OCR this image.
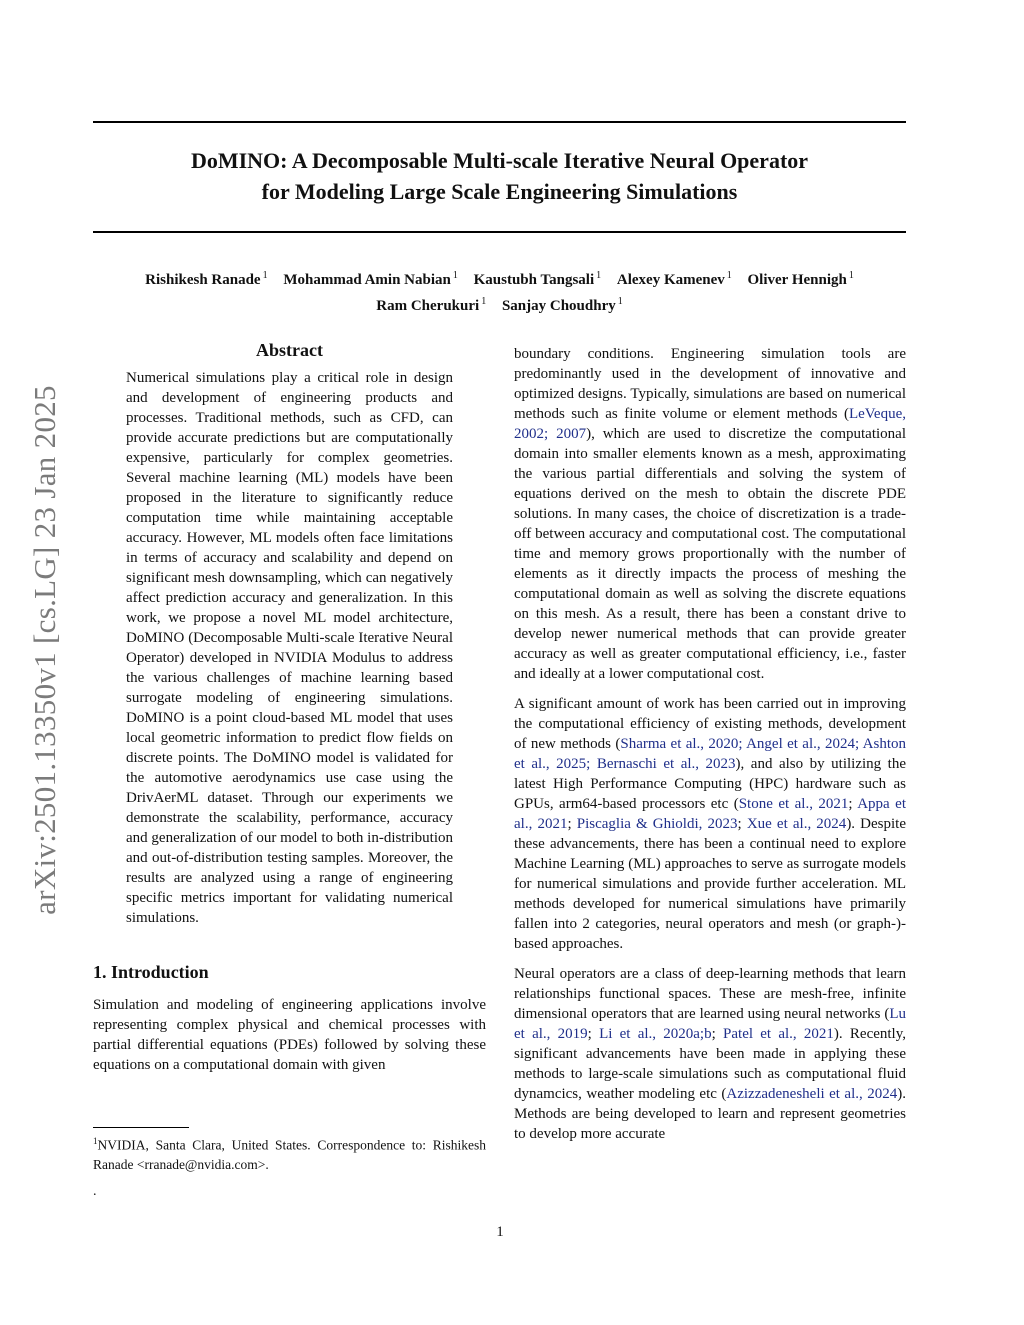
DoMINO: A Decomposable Multi-scale Iterative Neural Operator
for Modeling Large Scale Engineering Simulations
Rishikesh Ranade $^1$ Mohammad Amin Nabian $^1$ Kaustubh Tangsali $^1$ Alexey Kamenev $^1$ Oliver Hennigh $^1$
Ram Cherukuri $^1$ Sanjay Choudhry $^1$
arXiv:2501.13350v1 [cs.LG] 23 Jan 2025
Abstract

Numerical simulations play a critical role in design and development of engineering products and processes. Traditional methods, such as CFD, can provide accurate predictions but are computationally expensive, particularly for complex geometries. Several machine learning (ML) models have been proposed in the literature to significantly reduce computation time while maintaining acceptable accuracy. However, ML models often face limitations in terms of accuracy and scalability and depend on significant mesh downsampling, which can negatively affect prediction accuracy and generalization. In this work, we propose a novel ML model architecture, DoMINO (Decomposable Multi-scale Iterative Neural Operator) developed in NVIDIA Modulus to address the various challenges of machine learning based surrogate modeling of engineering simulations. DoMINO is a point cloud-based ML model that uses local geometric information to predict flow fields on discrete points. The DoMINO model is validated for the automotive aerodynamics use case using the DrivAerML dataset. Through our experiments we demonstrate the scalability, performance, accuracy and generalization of our model to both in-distribution and out-of-distribution testing samples. Moreover, the results are analyzed using a range of engineering specific metrics important for validating numerical simulations.

1. Introduction

Simulation and modeling of engineering applications involve representing complex physical and chemical processes with partial differential equations (PDEs) followed by solving these equations on a computational domain with given

boundary conditions. Engineering simulation tools are predominantly used in the development of innovative and optimized designs. Typically, simulations are based on numerical methods such as finite volume or element methods (LeVeque, 2002; 2007), which are used to discretize the computational domain into smaller elements known as a mesh, approximating the various partial differentials and solving the system of equations derived on the mesh to obtain the discrete PDE solutions. In many cases, the choice of discretization is a trade-off between accuracy and computational cost. The computational time and memory grows proportionally with the number of elements as it directly impacts the process of meshing the computational domain as well as solving the discrete equations on this mesh. As a result, there has been a constant drive to develop newer numerical methods that can provide greater accuracy as well as greater computational efficiency, i.e., faster and ideally at a lower computational cost.

A significant amount of work has been carried out in improving the computational efficiency of existing methods, development of new methods (Sharma et al., 2020; Angel et al., 2024; Ashton et al., 2025; Bernaschi et al., 2023), and also by utilizing the latest High Performance Computing (HPC) hardware such as GPUs, arm64-based processors etc (Stone et al., 2021; Appa et al., 2021; Piscaglia & Ghioldi, 2023; Xue et al., 2024). Despite these advancements, there has been a continual need to explore Machine Learning (ML) approaches to serve as surrogate models for numerical simulations and provide further acceleration. ML methods developed for numerical simulations have primarily fallen into 2 categories, neural operators and mesh (or graph-)-based approaches.

Neural operators are a class of deep-learning methods that learn relationships functional spaces. These are mesh-free, infinite dimensional operators that are learned using neural networks (Lu et al., 2019; Li et al., 2020a;b; Patel et al., 2021). Recently, significant advancements have been made in applying these methods to large-scale simulations such as computational fluid dynamcics, weather modeling etc (Azizzadenesheli et al., 2024). Methods are being developed to learn and represent geometries to develop more accurate

$^1$NVIDIA, Santa Clara, United States. Correspondence to: Rishikesh Ranade <rranade@nvidia.com>.
.
1
